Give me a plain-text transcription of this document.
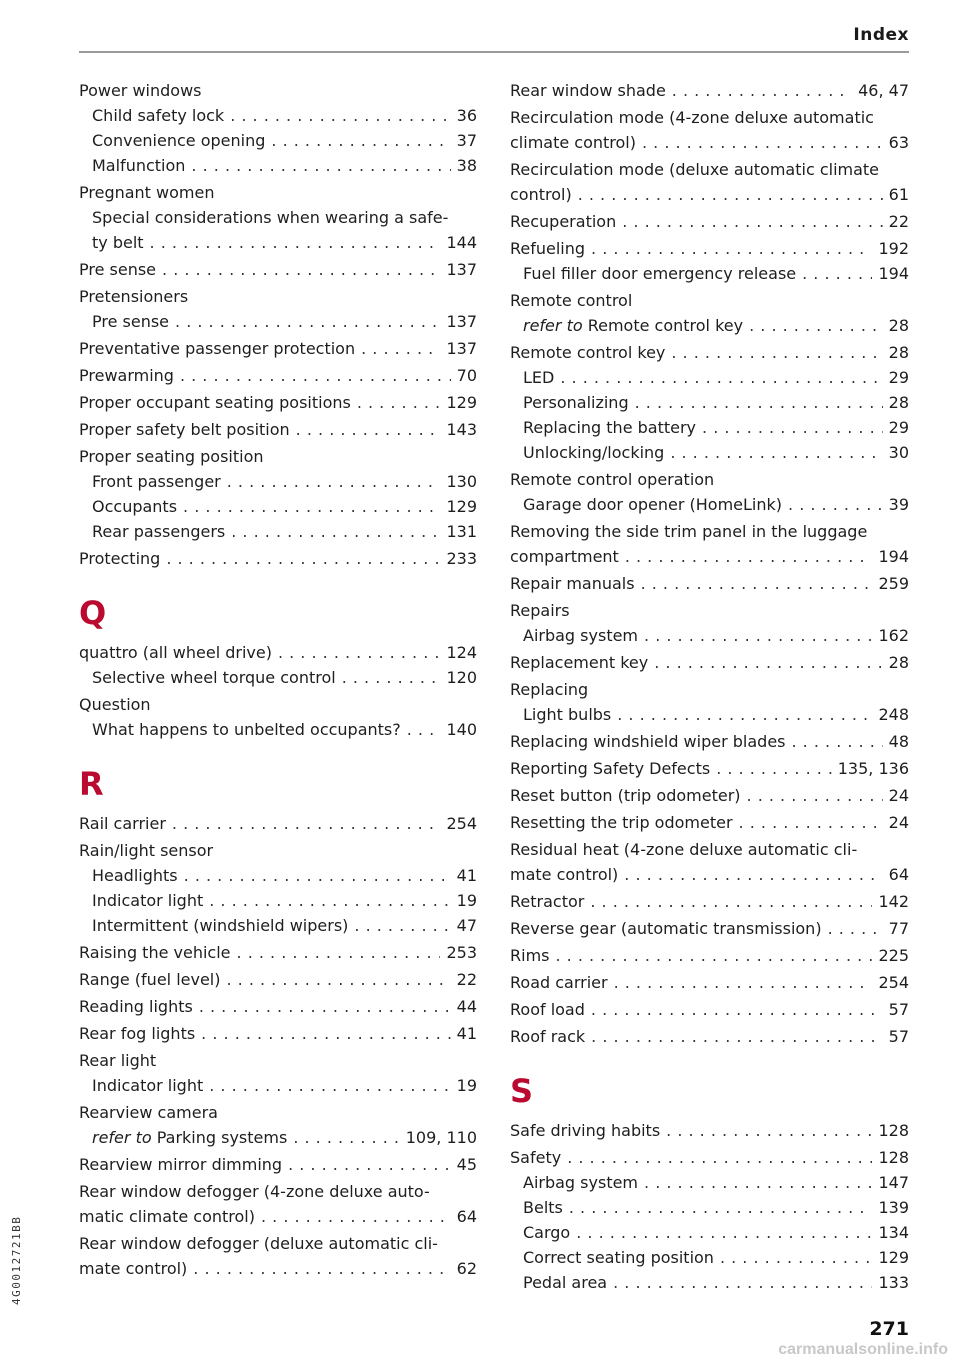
Index
Power windows
Child safety lock . . .	36
Convenience opening . . .	37
Malfunction . . .	38
Pregnant women
Special considerations when wearing a safe-
ty belt . . .	144
Pre sense . . .	137
Pretensioners
Pre sense . . .	137
Preventative passenger protection . . .	137
Prewarming . . .	70
Proper occupant seating positions . . .	129
Proper safety belt position . . .	143
Proper seating position
Front passenger . . .	130
Occupants . . .	129
Rear passengers . . .	131
Protecting . . .	233
Q
quattro (all wheel drive) . . .	124
Selective wheel torque control . . .	120
Question
What happens to unbelted occupants? . . .	140
R
Rail carrier . . .	254
Rain/light sensor
Headlights . . .	41
Indicator light . . .	19
Intermittent (windshield wipers) . . .	47
Raising the vehicle . . .	253
Range (fuel level) . . .	22
Reading lights . . .	44
Rear fog lights . . .	41
Rear light
Indicator light . . .	19
Rearview camera
refer to Parking systems . . .	109, 110
Rearview mirror dimming . . .	45
Rear window defogger (4-zone deluxe auto-
matic climate control) . . .	64
Rear window defogger (deluxe automatic cli-
mate control) . . .	62
Rear window shade . . .	46, 47
Recirculation mode (4-zone deluxe automatic
climate control) . . .	63
Recirculation mode (deluxe automatic climate
control) . . .	61
Recuperation . . .	22
Refueling . . .	192
Fuel filler door emergency release . . .	194
Remote control
refer to Remote control key . . .	28
Remote control key . . .	28
LED . . .	29
Personalizing . . .	28
Replacing the battery . . .	29
Unlocking/locking . . .	30
Remote control operation
Garage door opener (HomeLink) . . .	39
Removing the side trim panel in the luggage
compartment . . .	194
Repair manuals . . .	259
Repairs
Airbag system . . .	162
Replacement key . . .	28
Replacing
Light bulbs . . .	248
Replacing windshield wiper blades . . .	48
Reporting Safety Defects . . .	135, 136
Reset button (trip odometer) . . .	24
Resetting the trip odometer . . .	24
Residual heat (4-zone deluxe automatic cli-
mate control) . . .	64
Retractor . . .	142
Reverse gear (automatic transmission) . . .	77
Rims . . .	225
Road carrier . . .	254
Roof load . . .	57
Roof rack . . .	57
S
Safe driving habits . . .	128
Safety . . .	128
Airbag system . . .	147
Belts . . .	139
Cargo . . .	134
Correct seating position . . .	129
Pedal area . . .	133
271
4G0012721BB
carmanualsonline.info
